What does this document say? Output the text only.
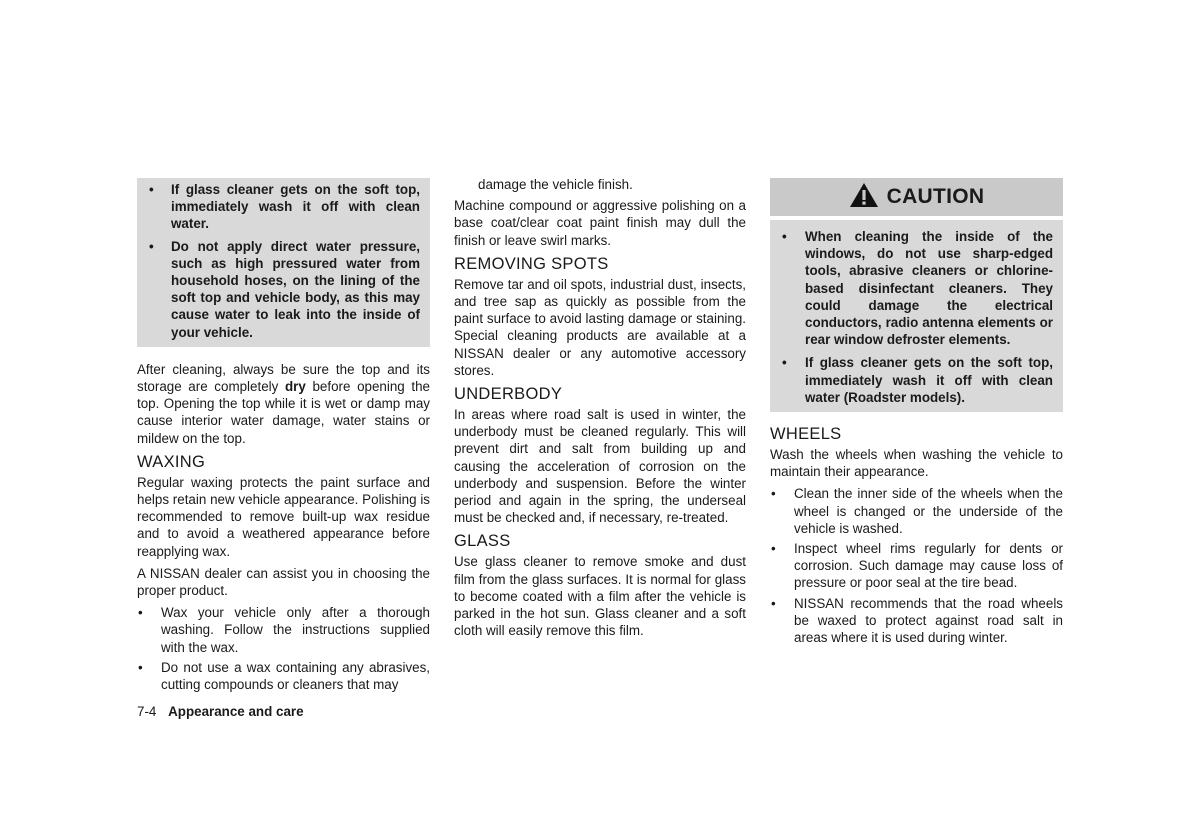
• If glass cleaner gets on the soft top, immediately wash it off with clean water.
• Do not apply direct water pressure, such as high pressured water from household hoses, on the lining of the soft top and vehicle body, as this may cause water to leak into the inside of your vehicle.

After cleaning, always be sure the top and its storage are completely dry before opening the top. Opening the top while it is wet or damp may cause interior water damage, water stains or mildew on the top.

WAXING

Regular waxing protects the paint surface and helps retain new vehicle appearance. Polishing is recommended to remove built-up wax residue and to avoid a weathered appearance before reapplying wax.

A NISSAN dealer can assist you in choosing the proper product.

• Wax your vehicle only after a thorough washing. Follow the instructions supplied with the wax.
• Do not use a wax containing any abrasives, cutting compounds or cleaners that may

damage the vehicle finish.

Machine compound or aggressive polishing on a base coat/clear coat paint finish may dull the finish or leave swirl marks.

REMOVING SPOTS

Remove tar and oil spots, industrial dust, insects, and tree sap as quickly as possible from the paint surface to avoid lasting damage or staining. Special cleaning products are available at a NISSAN dealer or any automotive accessory stores.

UNDERBODY

In areas where road salt is used in winter, the underbody must be cleaned regularly. This will prevent dirt and salt from building up and causing the acceleration of corrosion on the underbody and suspension. Before the winter period and again in the spring, the underseal must be checked and, if necessary, re-treated.

GLASS

Use glass cleaner to remove smoke and dust film from the glass surfaces. It is normal for glass to become coated with a film after the vehicle is parked in the hot sun. Glass cleaner and a soft cloth will easily remove this film.

CAUTION
• When cleaning the inside of the windows, do not use sharp-edged tools, abrasive cleaners or chlorine-based disinfectant cleaners. They could damage the electrical conductors, radio antenna elements or rear window defroster elements.
• If glass cleaner gets on the soft top, immediately wash it off with clean water (Roadster models).
WHEELS

Wash the wheels when washing the vehicle to maintain their appearance.

• Clean the inner side of the wheels when the wheel is changed or the underside of the vehicle is washed.
• Inspect wheel rims regularly for dents or corrosion. Such damage may cause loss of pressure or poor seal at the tire bead.
• NISSAN recommends that the road wheels be waxed to protect against road salt in areas where it is used during winter.
7-4 Appearance and care
